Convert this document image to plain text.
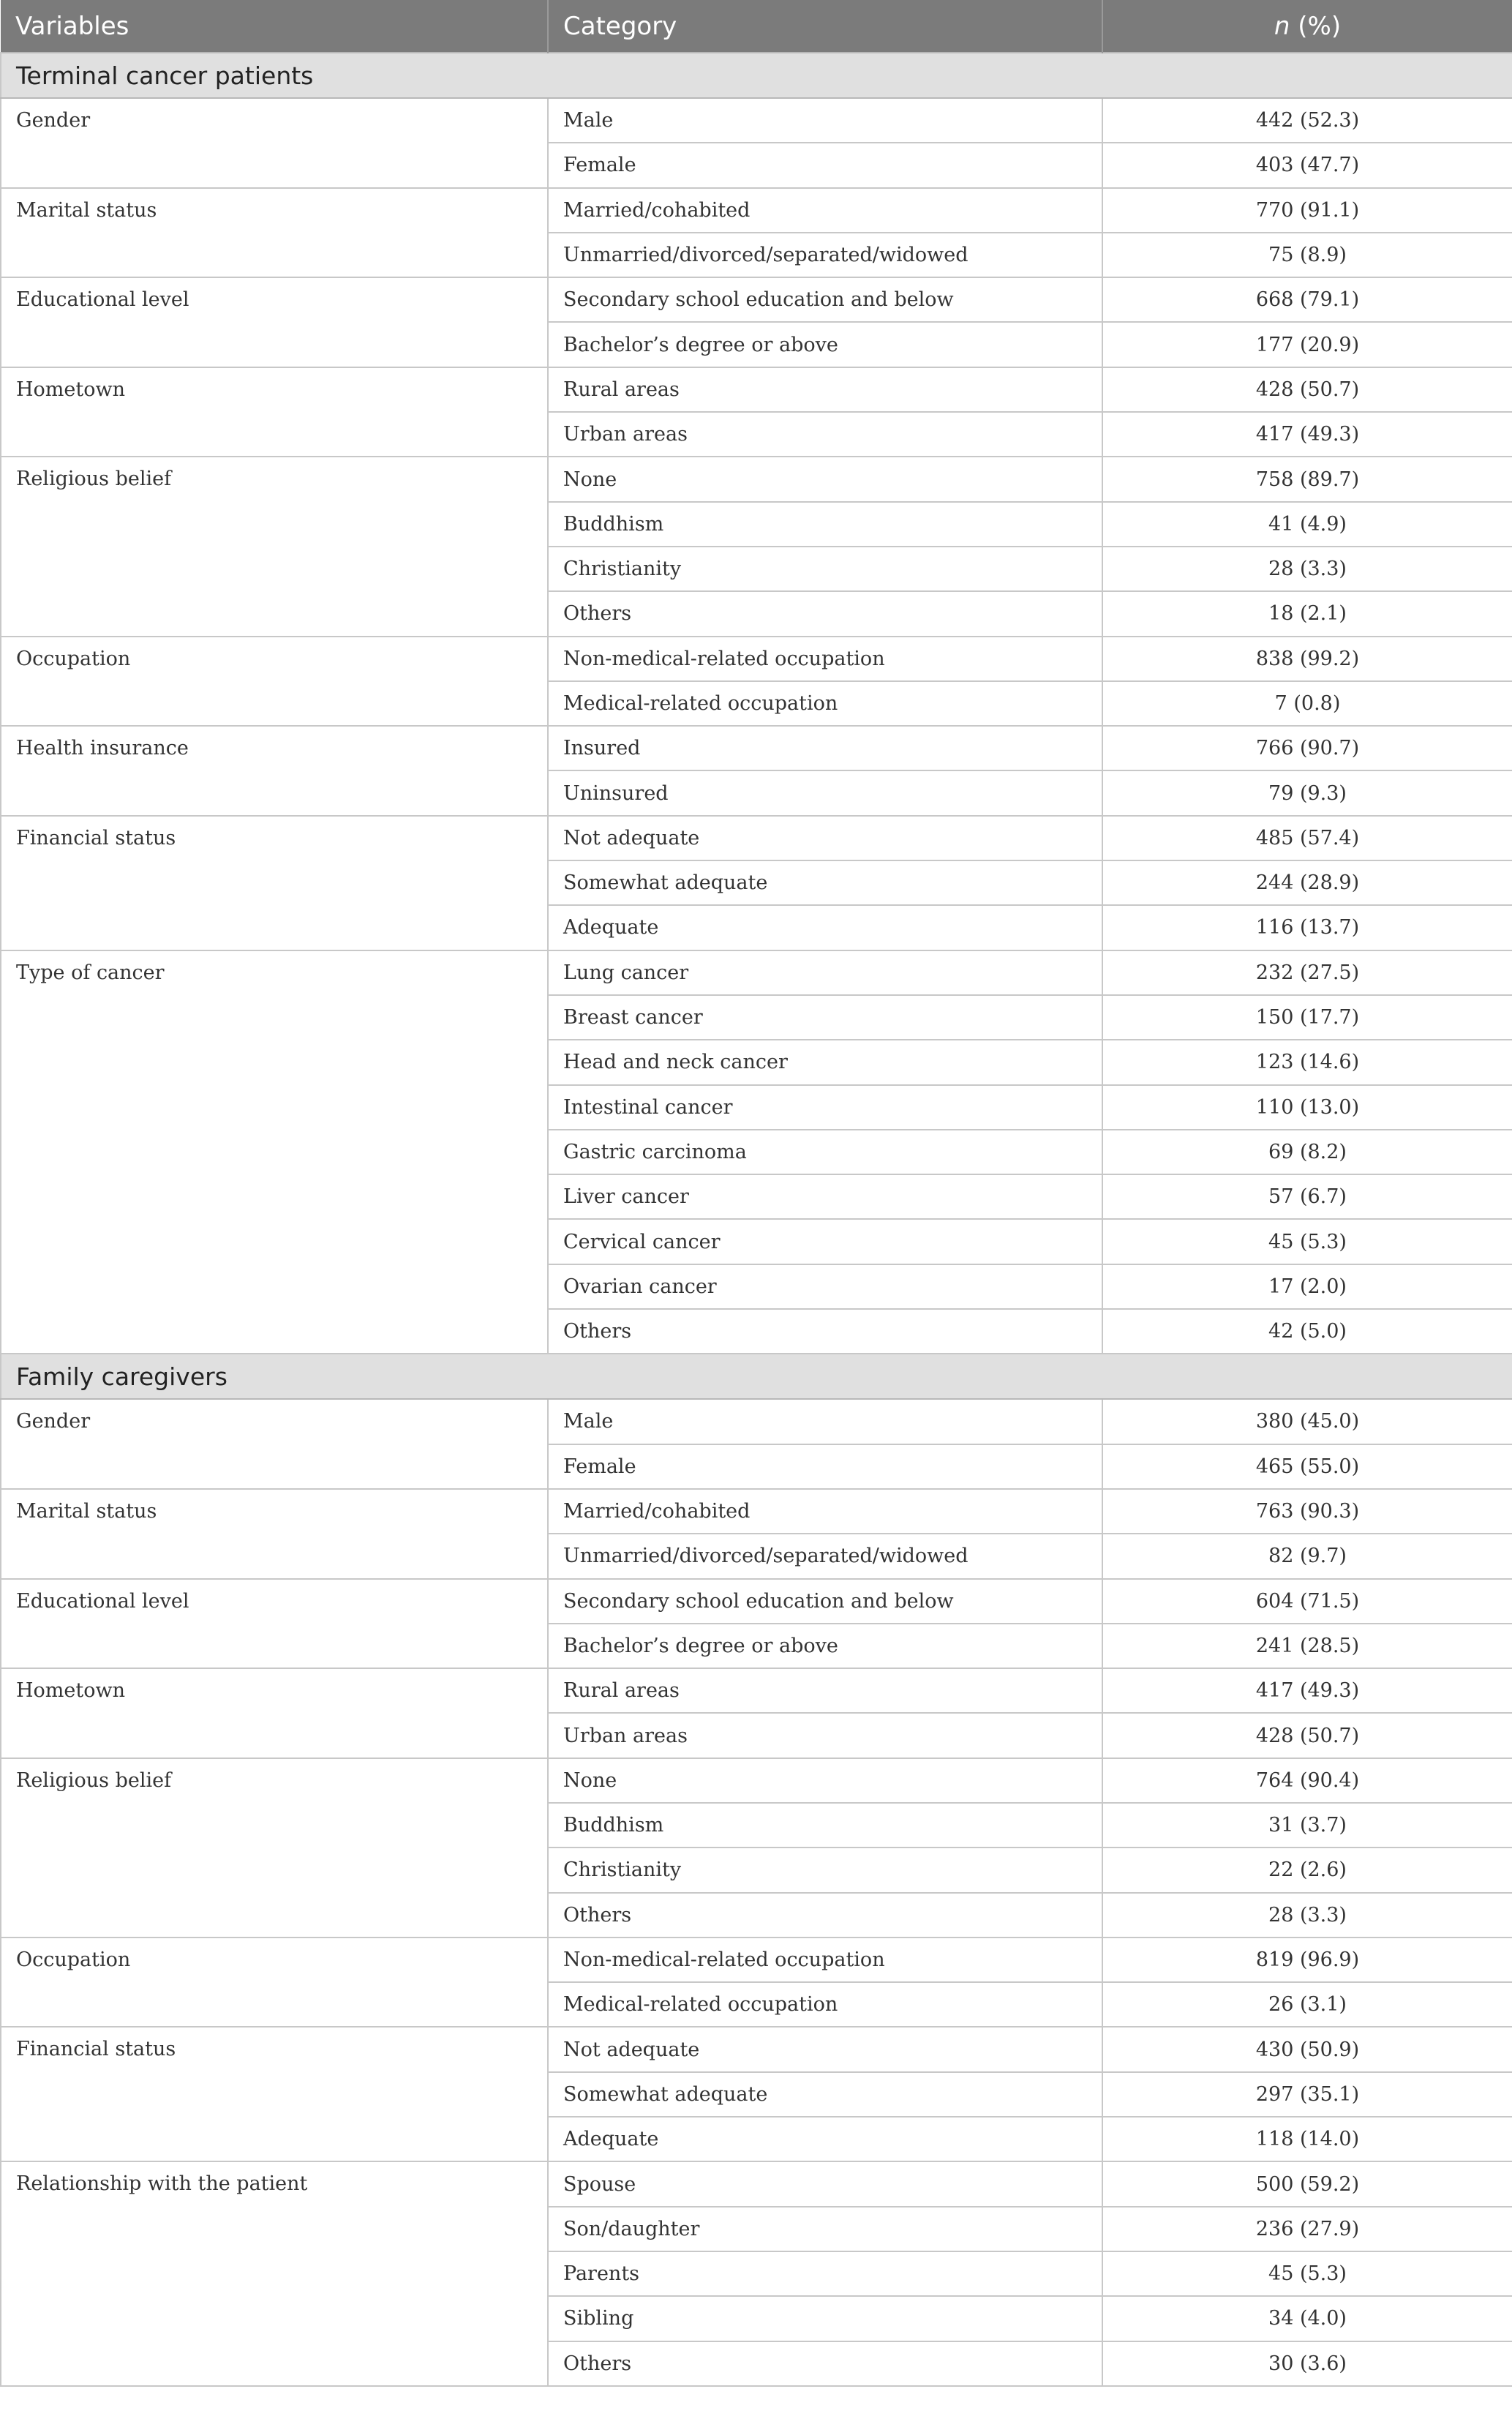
Variables	Category	n (%)
Terminal cancer patients		
Gender	Male	442 (52.3)
	Female	403 (47.7)
Marital status	Married/cohabited	770 (91.1)
	Unmarried/divorced/separated/widowed	75 (8.9)
Educational level	Secondary school education and below	668 (79.1)
	Bachelor’s degree or above	177 (20.9)
Hometown	Rural areas	428 (50.7)
	Urban areas	417 (49.3)
Religious belief	None	758 (89.7)
	Buddhism	41 (4.9)
	Christianity	28 (3.3)
	Others	18 (2.1)
Occupation	Non-medical-related occupation	838 (99.2)
	Medical-related occupation	7 (0.8)
Health insurance	Insured	766 (90.7)
	Uninsured	79 (9.3)
Financial status	Not adequate	485 (57.4)
	Somewhat adequate	244 (28.9)
	Adequate	116 (13.7)
Type of cancer	Lung cancer	232 (27.5)
	Breast cancer	150 (17.7)
	Head and neck cancer	123 (14.6)
	Intestinal cancer	110 (13.0)
	Gastric carcinoma	69 (8.2)
	Liver cancer	57 (6.7)
	Cervical cancer	45 (5.3)
	Ovarian cancer	17 (2.0)
	Others	42 (5.0)
Family caregivers		
Gender	Male	380 (45.0)
	Female	465 (55.0)
Marital status	Married/cohabited	763 (90.3)
	Unmarried/divorced/separated/widowed	82 (9.7)
Educational level	Secondary school education and below	604 (71.5)
	Bachelor’s degree or above	241 (28.5)
Hometown	Rural areas	417 (49.3)
	Urban areas	428 (50.7)
Religious belief	None	764 (90.4)
	Buddhism	31 (3.7)
	Christianity	22 (2.6)
	Others	28 (3.3)
Occupation	Non-medical-related occupation	819 (96.9)
	Medical-related occupation	26 (3.1)
Financial status	Not adequate	430 (50.9)
	Somewhat adequate	297 (35.1)
	Adequate	118 (14.0)
Relationship with the patient	Spouse	500 (59.2)
	Son/daughter	236 (27.9)
	Parents	45 (5.3)
	Sibling	34 (4.0)
	Others	30 (3.6)
